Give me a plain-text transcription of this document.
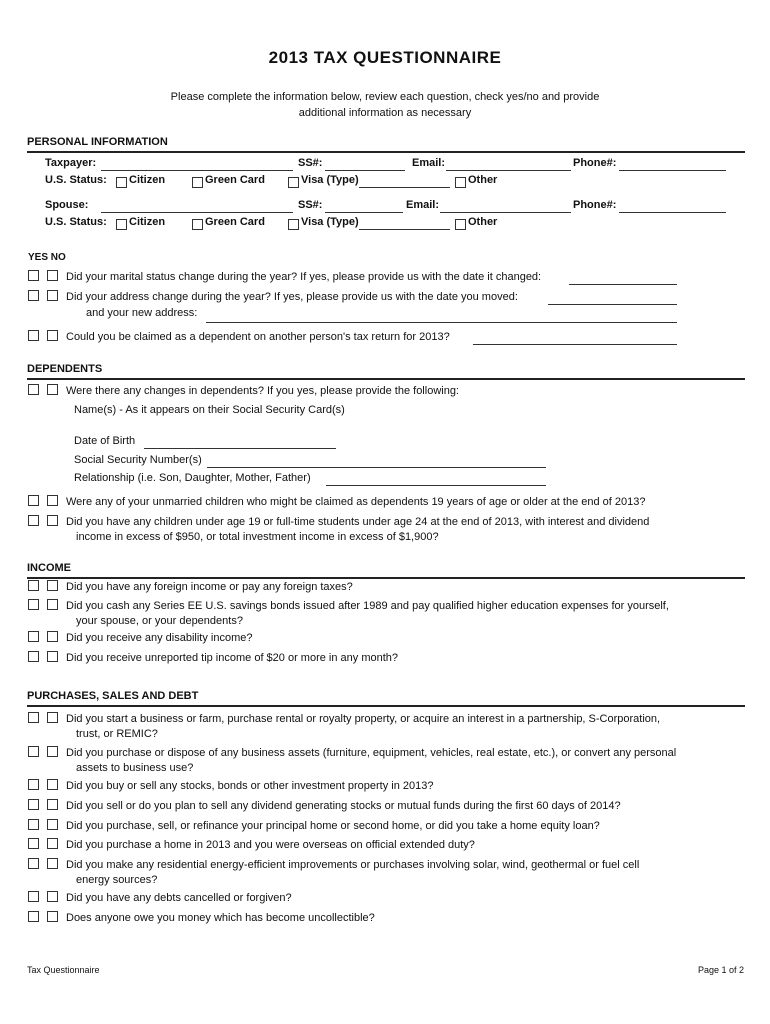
2013 TAX QUESTIONNAIRE
Please complete the information below, review each question, check yes/no and provide
additional information as necessary
PERSONAL INFORMATION
Taxpayer:	SS#:	Email:	Phone#:
U.S. Status: Citizen	Green Card	Visa (Type)	Other
Spouse:	SS#:	Email:	Phone#:
U.S. Status: Citizen	Green Card	Visa (Type)	Other
YES NO
Did your marital status change during the year? If yes, please provide us with the date it changed:
Did your address change during the year? If yes, please provide us with the date you moved:
and your new address:
Could you be claimed as a dependent on another person's tax return for 2013?
DEPENDENTS
Were there any changes in dependents? If you yes, please provide the following:
Name(s) - As it appears on their Social Security Card(s)
Date of Birth
Social Security Number(s)
Relationship (i.e. Son, Daughter, Mother, Father)
Were any of your unmarried children who might be claimed as dependents 19 years of age or older at the end of 2013?
Did you have any children under age 19 or full-time students under age 24 at the end of 2013, with interest and dividend
income in excess of $950, or total investment income in excess of $1,900?
INCOME
Did you have any foreign income or pay any foreign taxes?
Did you cash any Series EE U.S. savings bonds issued after 1989 and pay qualified higher education expenses for yourself,
your spouse, or your dependents?
Did you receive any disability income?
Did you receive unreported tip income of $20 or more in any month?
PURCHASES, SALES AND DEBT
Did you start a business or farm, purchase rental or royalty property, or acquire an interest in a partnership, S-Corporation,
trust, or REMIC?
Did you purchase or dispose of any business assets (furniture, equipment, vehicles, real estate, etc.), or convert any personal
assets to business use?
Did you buy or sell any stocks, bonds or other investment property in 2013?
Did you sell or do you plan to sell any dividend generating stocks or mutual funds during the first 60 days of 2014?
Did you purchase, sell, or refinance your principal home or second home, or did you take a home equity loan?
Did you purchase a home in 2013 and you were overseas on official extended duty?
Did you make any residential energy-efficient improvements or purchases involving solar, wind, geothermal or fuel cell
energy sources?
Did you have any debts cancelled or forgiven?
Does anyone owe you money which has become uncollectible?
Tax Questionnaire	Page 1 of 2
